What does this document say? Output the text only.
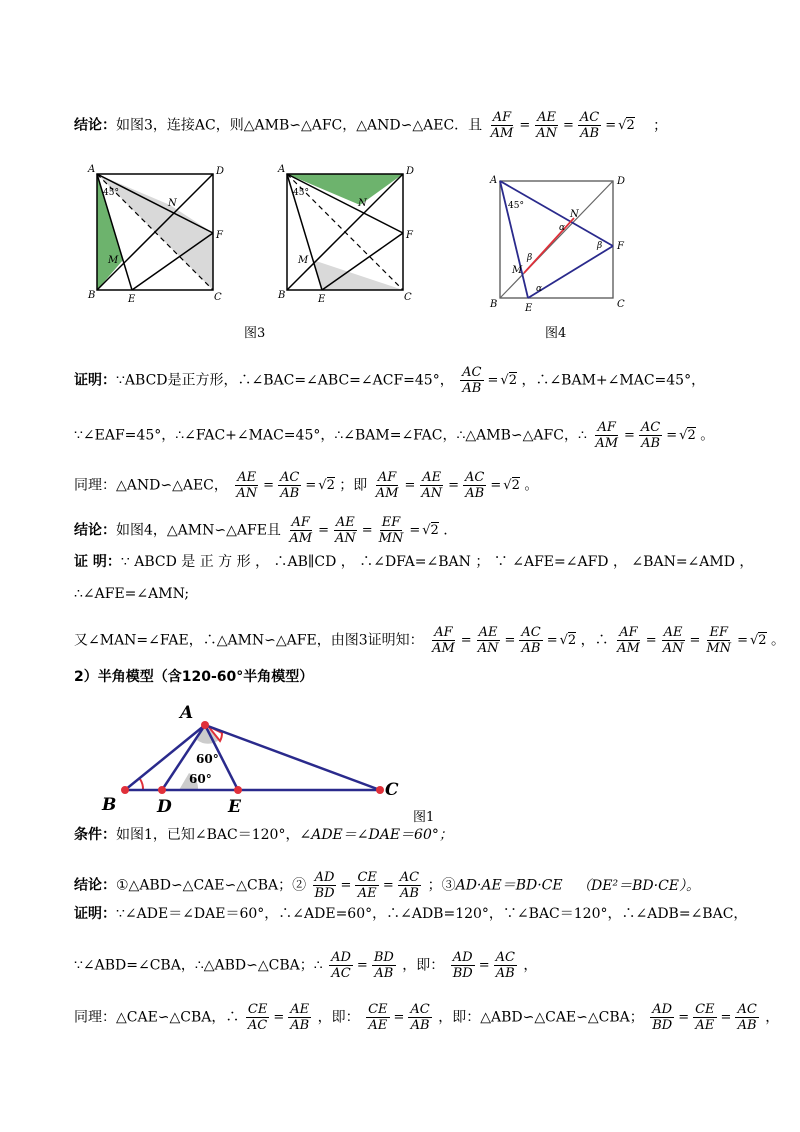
结论：如图3，连接AC，则△AMB∽△AFC，△AND∽△AEC．且 $\frac{AF}{AM} = \frac{AE}{AN} = \frac{AC}{AB} = √2$ ；
A	D
N
F
M
B	E	C
45°
A	D
N
F
M
B	E	C
45°
A	D
N
F
M
B	E	C
45°
α
α
β
β
图3	图4
证明：∵ABCD是正方形，∴∠BAC=∠ABC=∠ACF=45°， $\frac{AC}{AB} = √2$ ，∴∠BAM+∠MAC=45°，
∵∠EAF=45°，∴∠FAC+∠MAC=45°，∴∠BAM=∠FAC，∴△AMB∽△AFC，∴ $\frac{AF}{AM} = \frac{AC}{AB} = √2$ 。
同理：△AND∽△AEC， $\frac{AE}{AN} = \frac{AC}{AB} = √2$ ；即 $\frac{AF}{AM} = \frac{AE}{AN} = \frac{AC}{AB} = √2$ 。
结论：如图4，△AMN∽△AFE且 $\frac{AF}{AM} = \frac{AE}{AN} = \frac{EF}{MN} = √2$ .
证 明：∵ ABCD 是 正 方 形 ， ∴AB∥CD ， ∴∠DFA=∠BAN ； ∵ ∠AFE=∠AFD ， ∠BAN=∠AMD ，
∴∠AFE=∠AMN;
又∠MAN=∠FAE，∴△AMN∽△AFE，由图3证明知： $\frac{AF}{AM} = \frac{AE}{AN} = \frac{AC}{AB} = √2$ ，∴ $\frac{AF}{AM} = \frac{AE}{AN} = \frac{EF}{MN} = √2$ 。
2）半角模型（含120-60°半角模型）
A
B D	E
C
60°
60°
图1
条件：如图1，已知∠BAC＝120°，∠ADE＝∠DAE＝60°；
结论：①△ABD∽△CAE∽△CBA；② $\frac{AD}{BD} = \frac{CE}{AE} = \frac{AC}{AB}$ ；③AD·AE＝BD·CE （DE²＝BD·CE）。
证明：∵∠ADE＝∠DAE＝60°，∴∠ADE=60°，∴∠ADB=120°，∵∠BAC＝120°，∴∠ADB=∠BAC，
∵∠ABD=∠CBA，∴△ABD∽△CBA；∴ $\frac{AD}{AC} = \frac{BD}{AB}$ ，即： $\frac{AD}{BD} = \frac{AC}{AB}$ ，
同理：△CAE∽△CBA，∴ $\frac{CE}{AC} = \frac{AE}{AB}$ ，即： $\frac{CE}{AE} = \frac{AC}{AB}$ ，即：△ABD∽△CAE∽△CBA； $\frac{AD}{BD} = \frac{CE}{AE} = \frac{AC}{AB}$ ，
